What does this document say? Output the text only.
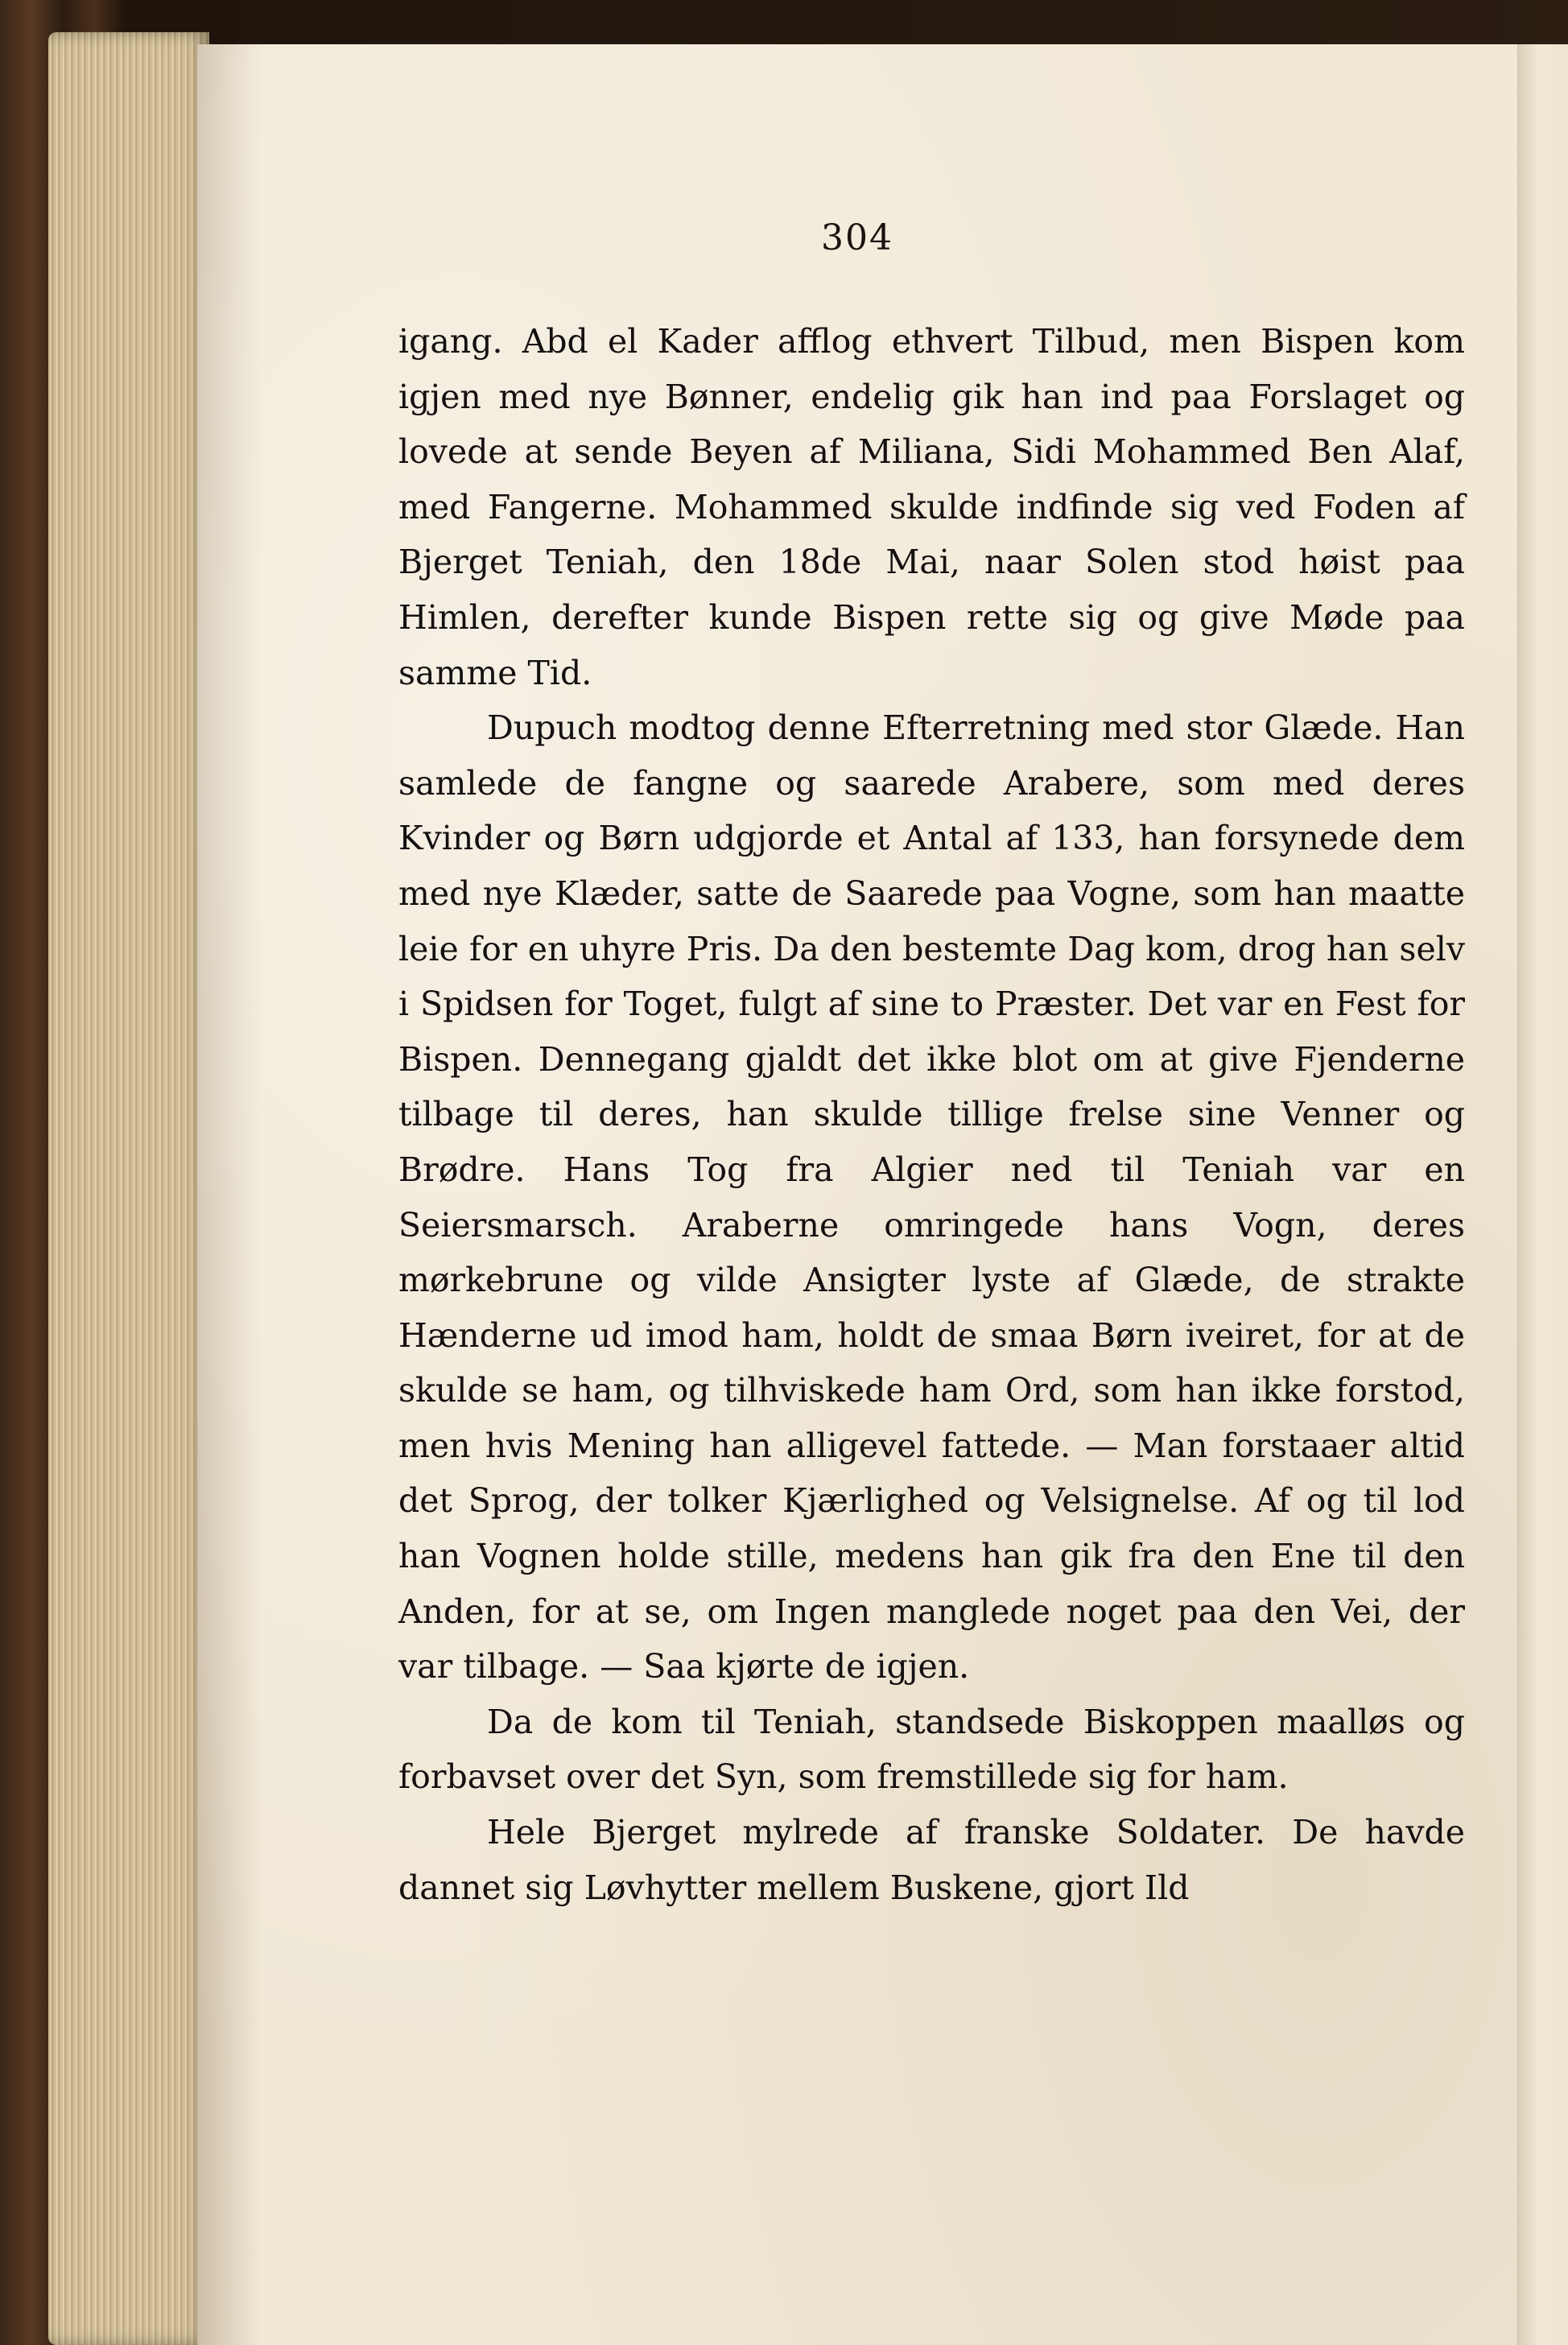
304

igang. Abd el Kader afflog ethvert Tilbud, men Bispen kom igjen med nye Bønner, endelig gik han ind paa Forslaget og lovede at sende Beyen af Miliana, Sidi Mohammed Ben Alaf, med Fangerne. Mohammed skulde indfinde sig ved Foden af Bjerget Teniah, den 18de Mai, naar Solen stod høist paa Himlen, derefter kunde Bispen rette sig og give Møde paa samme Tid.

Dupuch modtog denne Efterretning med stor Glæde. Han samlede de fangne og saarede Arabere, som med deres Kvinder og Børn udgjorde et Antal af 133, han forsynede dem med nye Klæder, satte de Saarede paa Vogne, som han maatte leie for en uhyre Pris. Da den bestemte Dag kom, drog han selv i Spidsen for Toget, fulgt af sine to Præster. Det var en Fest for Bispen. Dennegang gjaldt det ikke blot om at give Fjenderne tilbage til deres, han skulde tillige frelse sine Venner og Brødre. Hans Tog fra Algier ned til Teniah var en Seiersmarsch. Araberne omringede hans Vogn, deres mørkebrune og vilde Ansigter lyste af Glæde, de strakte Hænderne ud imod ham, holdt de smaa Børn iveiret, for at de skulde se ham, og tilhviskede ham Ord, som han ikke forstod, men hvis Mening han alligevel fattede. — Man forstaaer altid det Sprog, der tolker Kjærlighed og Velsignelse. Af og til lod han Vognen holde stille, medens han gik fra den Ene til den Anden, for at se, om Ingen manglede noget paa den Vei, der var tilbage. — Saa kjørte de igjen.

Da de kom til Teniah, standsede Biskoppen maalløs og forbavset over det Syn, som fremstillede sig for ham.

Hele Bjerget mylrede af franske Soldater. De havde dannet sig Løvhytter mellem Buskene, gjort Ild
